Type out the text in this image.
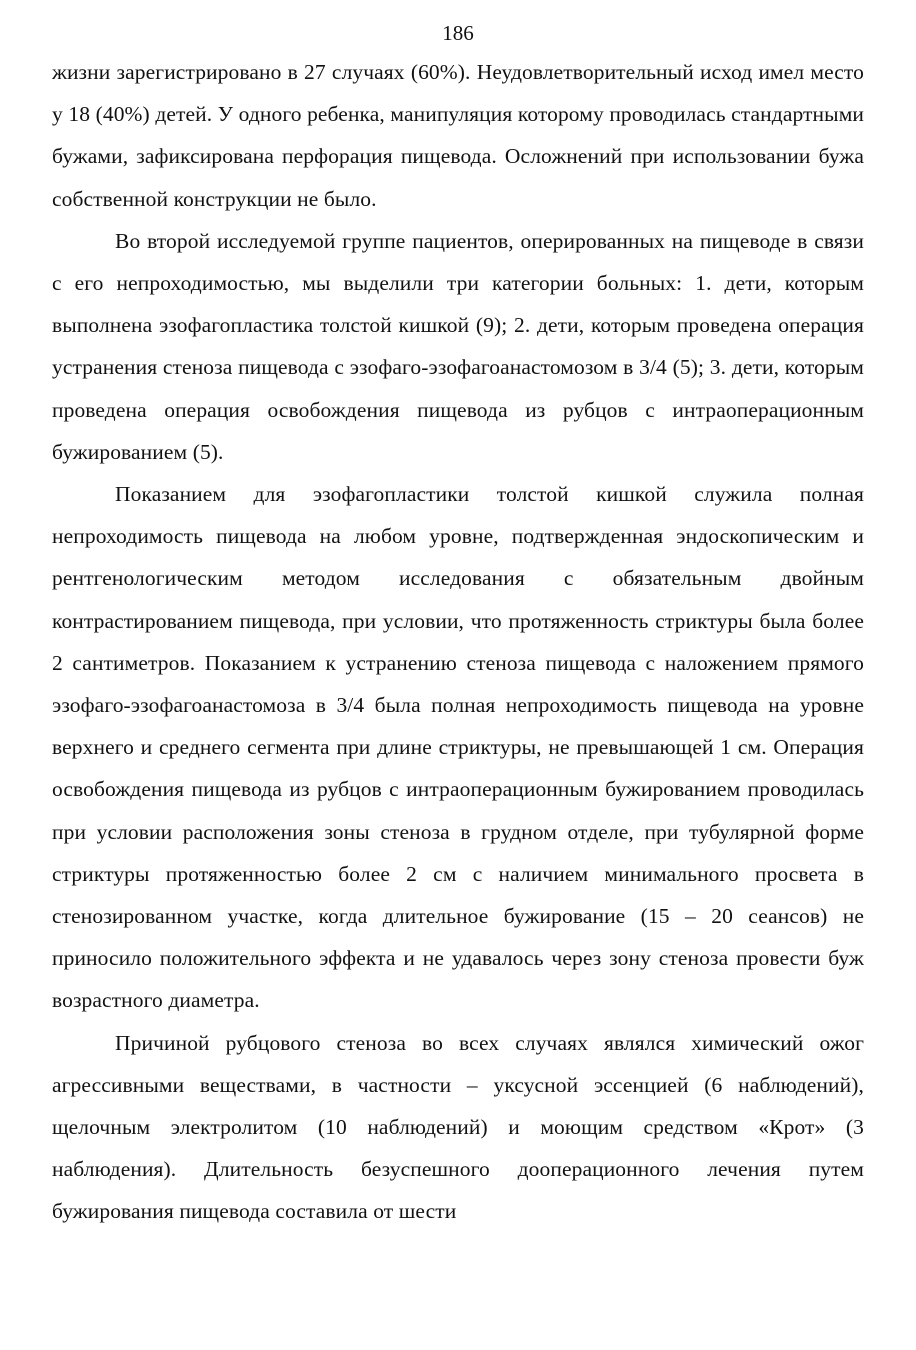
186

жизни зарегистрировано в 27 случаях (60%). Неудовлетворительный исход имел место у 18 (40%) детей. У одного ребенка, манипуляция которому проводилась стандартными бужами, зафиксирована перфорация пищевода. Осложнений при использовании бужа собственной конструкции не было.

Во второй исследуемой группе пациентов, оперированных на пищеводе в связи с его непроходимостью, мы выделили три категории больных: 1. дети, которым выполнена эзофагопластика толстой кишкой (9); 2. дети, которым проведена операция устранения стеноза пищевода с эзофаго-эзофагоанастомозом в 3/4 (5); 3. дети, которым проведена операция освобождения пищевода из рубцов с интраоперационным бужированием (5).

Показанием для эзофагопластики толстой кишкой служила полная непроходимость пищевода на любом уровне, подтвержденная эндоскопическим и рентгенологическим методом исследования с обязательным двойным контрастированием пищевода, при условии, что протяженность стриктуры была более 2 сантиметров. Показанием к устранению стеноза пищевода с наложением прямого эзофаго-эзофагоанастомоза в 3/4 была полная непроходимость пищевода на уровне верхнего и среднего сегмента при длине стриктуры, не превышающей 1 см. Операция освобождения пищевода из рубцов с интраоперационным бужированием проводилась при условии расположения зоны стеноза в грудном отделе, при тубулярной форме стриктуры протяженностью более 2 см с наличием минимального просвета в стенозированном участке, когда длительное бужирование (15 – 20 сеансов) не приносило положительного эффекта и не удавалось через зону стеноза провести буж возрастного диаметра.

Причиной рубцового стеноза во всех случаях являлся химический ожог агрессивными веществами, в частности – уксусной эссенцией (6 наблюдений), щелочным электролитом (10 наблюдений) и моющим средством «Крот» (3 наблюдения). Длительность безуспешного дооперационного лечения путем бужирования пищевода составила от шести
